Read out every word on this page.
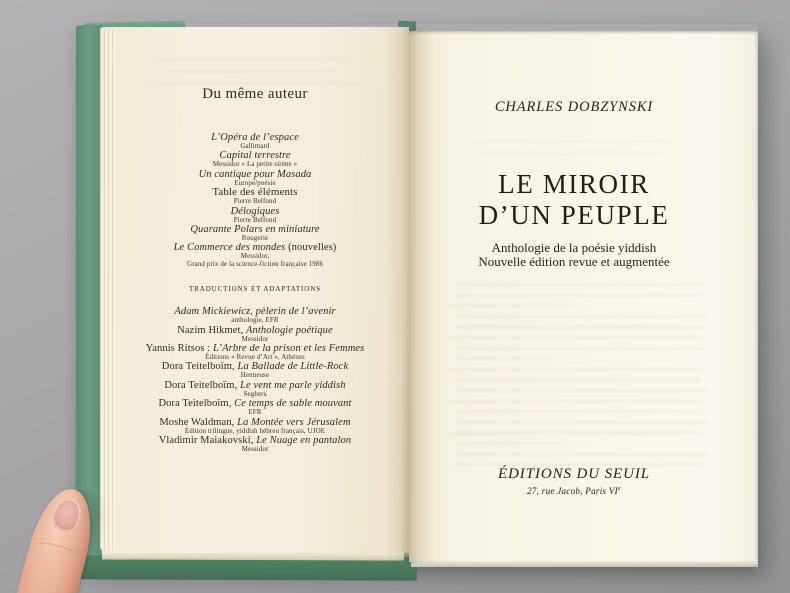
Du même auteur
L’Opéra de l’espace
Gallimard
Capital terrestre
Messidor « La petite sirène »
Un cantique pour Masada
Europe/poésie
Table des éléments
Pierre Belfond
Délogiques
Pierre Belfond
Quarante Polars en miniature
Rougerie
Le Commerce des mondes (nouvelles)
Messidor,
Grand prix de la science-fiction française 1986
TRADUCTIONS ET ADAPTATIONS
Adam Mickiewicz, pèlerin de l’avenir
anthologie, EFR
Nazim Hikmet, Anthologie poétique
Messidor
Yannis Ritsos : L’Arbre de la prison et les Femmes
Éditions « Revue d’Art », Athènes
Dora Teitelboïm, La Ballade de Little-Rock
Henneuse
Dora Teitelboïm, Le vent me parle yiddish
Seghers
Dora Teitelboïm, Ce temps de sable mouvant
EFR
Moshe Waldman, La Montée vers Jérusalem
Édition trilingue, yiddish hébreu français, UJOE
Vladimir Maiakovski, Le Nuage en pantalon
Messidor
CHARLES DOBZYNSKI
LE MIROIR
D’UN PEUPLE
Anthologie de la poésie yiddish
Nouvelle édition revue et augmentée
ÉDITIONS DU SEUIL
27, rue Jacob, Paris VIe
